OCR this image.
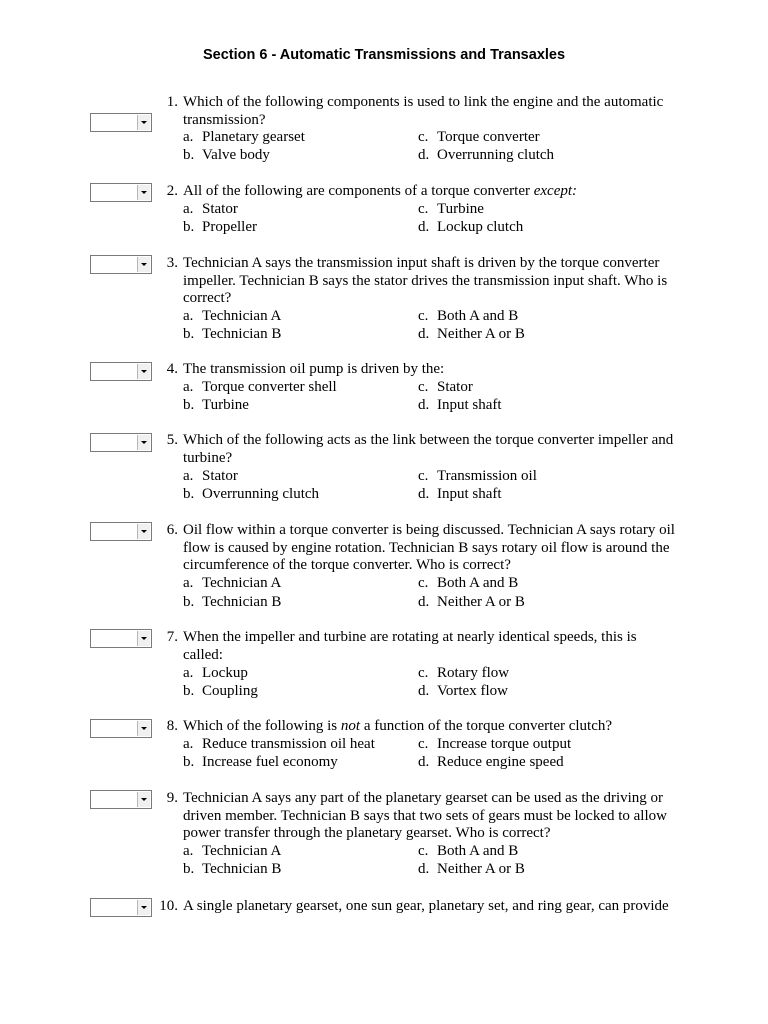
Section 6 - Automatic Transmissions and Transaxles
1. Which of the following components is used to link the engine and the automatic transmission?
a. Planetary gearset	c. Torque converter
b. Valve body	d. Overrunning clutch
2. All of the following are components of a torque converter except:
a. Stator	c. Turbine
b. Propeller	d. Lockup clutch
3. Technician A says the transmission input shaft is driven by the torque converter impeller. Technician B says the stator drives the transmission input shaft. Who is correct?
a. Technician A	c. Both A and B
b. Technician B	d. Neither A or B
4. The transmission oil pump is driven by the:
a. Torque converter shell	c. Stator
b. Turbine	d. Input shaft
5. Which of the following acts as the link between the torque converter impeller and turbine?
a. Stator	c. Transmission oil
b. Overrunning clutch	d. Input shaft
6. Oil flow within a torque converter is being discussed. Technician A says rotary oil flow is caused by engine rotation. Technician B says rotary oil flow is around the circumference of the torque converter. Who is correct?
a. Technician A	c. Both A and B
b. Technician B	d. Neither A or B
7. When the impeller and turbine are rotating at nearly identical speeds, this is called:
a. Lockup	c. Rotary flow
b. Coupling	d. Vortex flow
8. Which of the following is not a function of the torque converter clutch?
a. Reduce transmission oil heat	c. Increase torque output
b. Increase fuel economy	d. Reduce engine speed
9. Technician A says any part of the planetary gearset can be used as the driving or driven member. Technician B says that two sets of gears must be locked to allow power transfer through the planetary gearset. Who is correct?
a. Technician A	c. Both A and B
b. Technician B	d. Neither A or B
10. A single planetary gearset, one sun gear, planetary set, and ring gear, can provide
